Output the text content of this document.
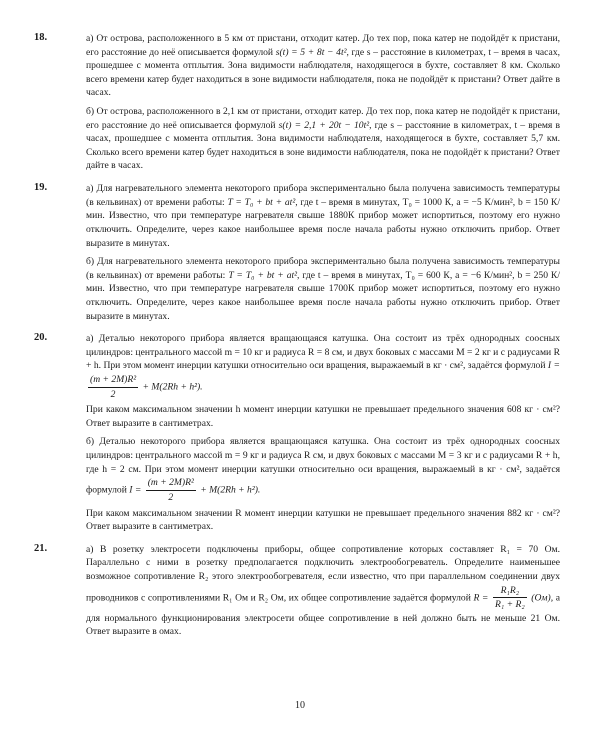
18.	а) От острова, расположенного в 5 км от пристани, отходит катер. До тех пор, пока катер не подойдёт к пристани, его расстояние до неё описывается формулой s(t) = 5 + 8t − 4t², где s – расстояние в километрах, t – время в часах, прошедшее с момента отплытия. Зона видимости наблюдателя, находящегося в бухте, составляет 8 км. Сколько всего времени катер будет находиться в зоне видимости наблюдателя, пока не подойдёт к пристани? Ответ дайте в часах.
б) От острова, расположенного в 2,1 км от пристани, отходит катер. До тех пор, пока катер не подойдёт к пристани, его расстояние до неё описывается формулой s(t) = 2,1 + 20t − 10t², где s – расстояние в километрах, t – время в часах, прошедшее с момента отплытия. Зона видимости наблюдателя, находящегося в бухте, составляет 5,7 км. Сколько всего времени катер будет находиться в зоне видимости наблюдателя, пока не подойдёт к пристани? Ответ дайте в часах.
19.	а) Для нагревательного элемента некоторого прибора экспериментально была получена зависимость температуры (в кельвинах) от времени работы: T = T₀ + bt + at², где t – время в минутах, T₀ = 1000 К, a = −5 К/мин², b = 150 К/мин. Известно, что при температуре нагревателя свыше 1880К прибор может испортиться, поэтому его нужно отключить. Определите, через какое наибольшее время после начала работы нужно отключить прибор. Ответ выразите в минутах.
б) Для нагревательного элемента некоторого прибора экспериментально была получена зависимость температуры (в кельвинах) от времени работы: T = T₀ + bt + at², где t – время в минутах, T₀ = 600 К, a = −6 К/мин², b = 250 К/мин. Известно, что при температуре нагревателя свыше 1700К прибор может испортиться, поэтому его нужно отключить. Определите, через какое наибольшее время после начала работы нужно отключить прибор. Ответ выразите в минутах.
20.	а) Деталью некоторого прибора является вращающаяся катушка. Она состоит из трёх однородных соосных цилиндров: центрального массой m = 10 кг и радиуса R = 8 см, и двух боковых с массами M = 2 кг и с радиусами R + h. При этом момент инерции катушки относительно оси вращения, выражаемый в кг · см², задаётся формулой I =
$\frac{\text{(m + 2M)R²}}{2} + M(2Rh + h^2)$.

При каком максимальном значении h момент инерции катушки не превышает предельного значения 608 кг · см²? Ответ выразите в сантиметрах.

б) Деталью некоторого прибора является вращающаяся катушка. Она состоит из трёх однородных соосных цилиндров: центрального массой m = 9 кг и радиуса R см, и двух боковых с массами M = 3 кг и с радиусами R + h, где h = 2 см. При этом момент инерции катушки относительно оси вращения, выражаемый в кг · см², задаётся формулой $I = \frac{\text{(m + 2M)R²}}{2} + M(2Rh + h^2)$.

При каком максимальном значении R момент инерции катушки не превышает предельного значения 882 кг · см²? Ответ выразите в сантиметрах.

21.	а) В розетку электросети подключены приборы, общее сопротивление которых составляет R₁ = 70 Ом. Параллельно с ними в розетку предполагается подключить электрообогреватель. Определите наименьшее возможное сопротивление R₂ этого электрообогревателя, если известно, что при параллельном соединении двух проводников с сопротивлениями R₁ Ом и R₂ Ом, их общее сопротивление задаётся формулой $R = \frac{\text{R₁R₂}}{\text{R₁ + R₂}} (Ом)$, а для нормального функционирования электросети общее сопротивление в ней должно быть не меньше 21 Ом. Ответ выразите в омах.
10
